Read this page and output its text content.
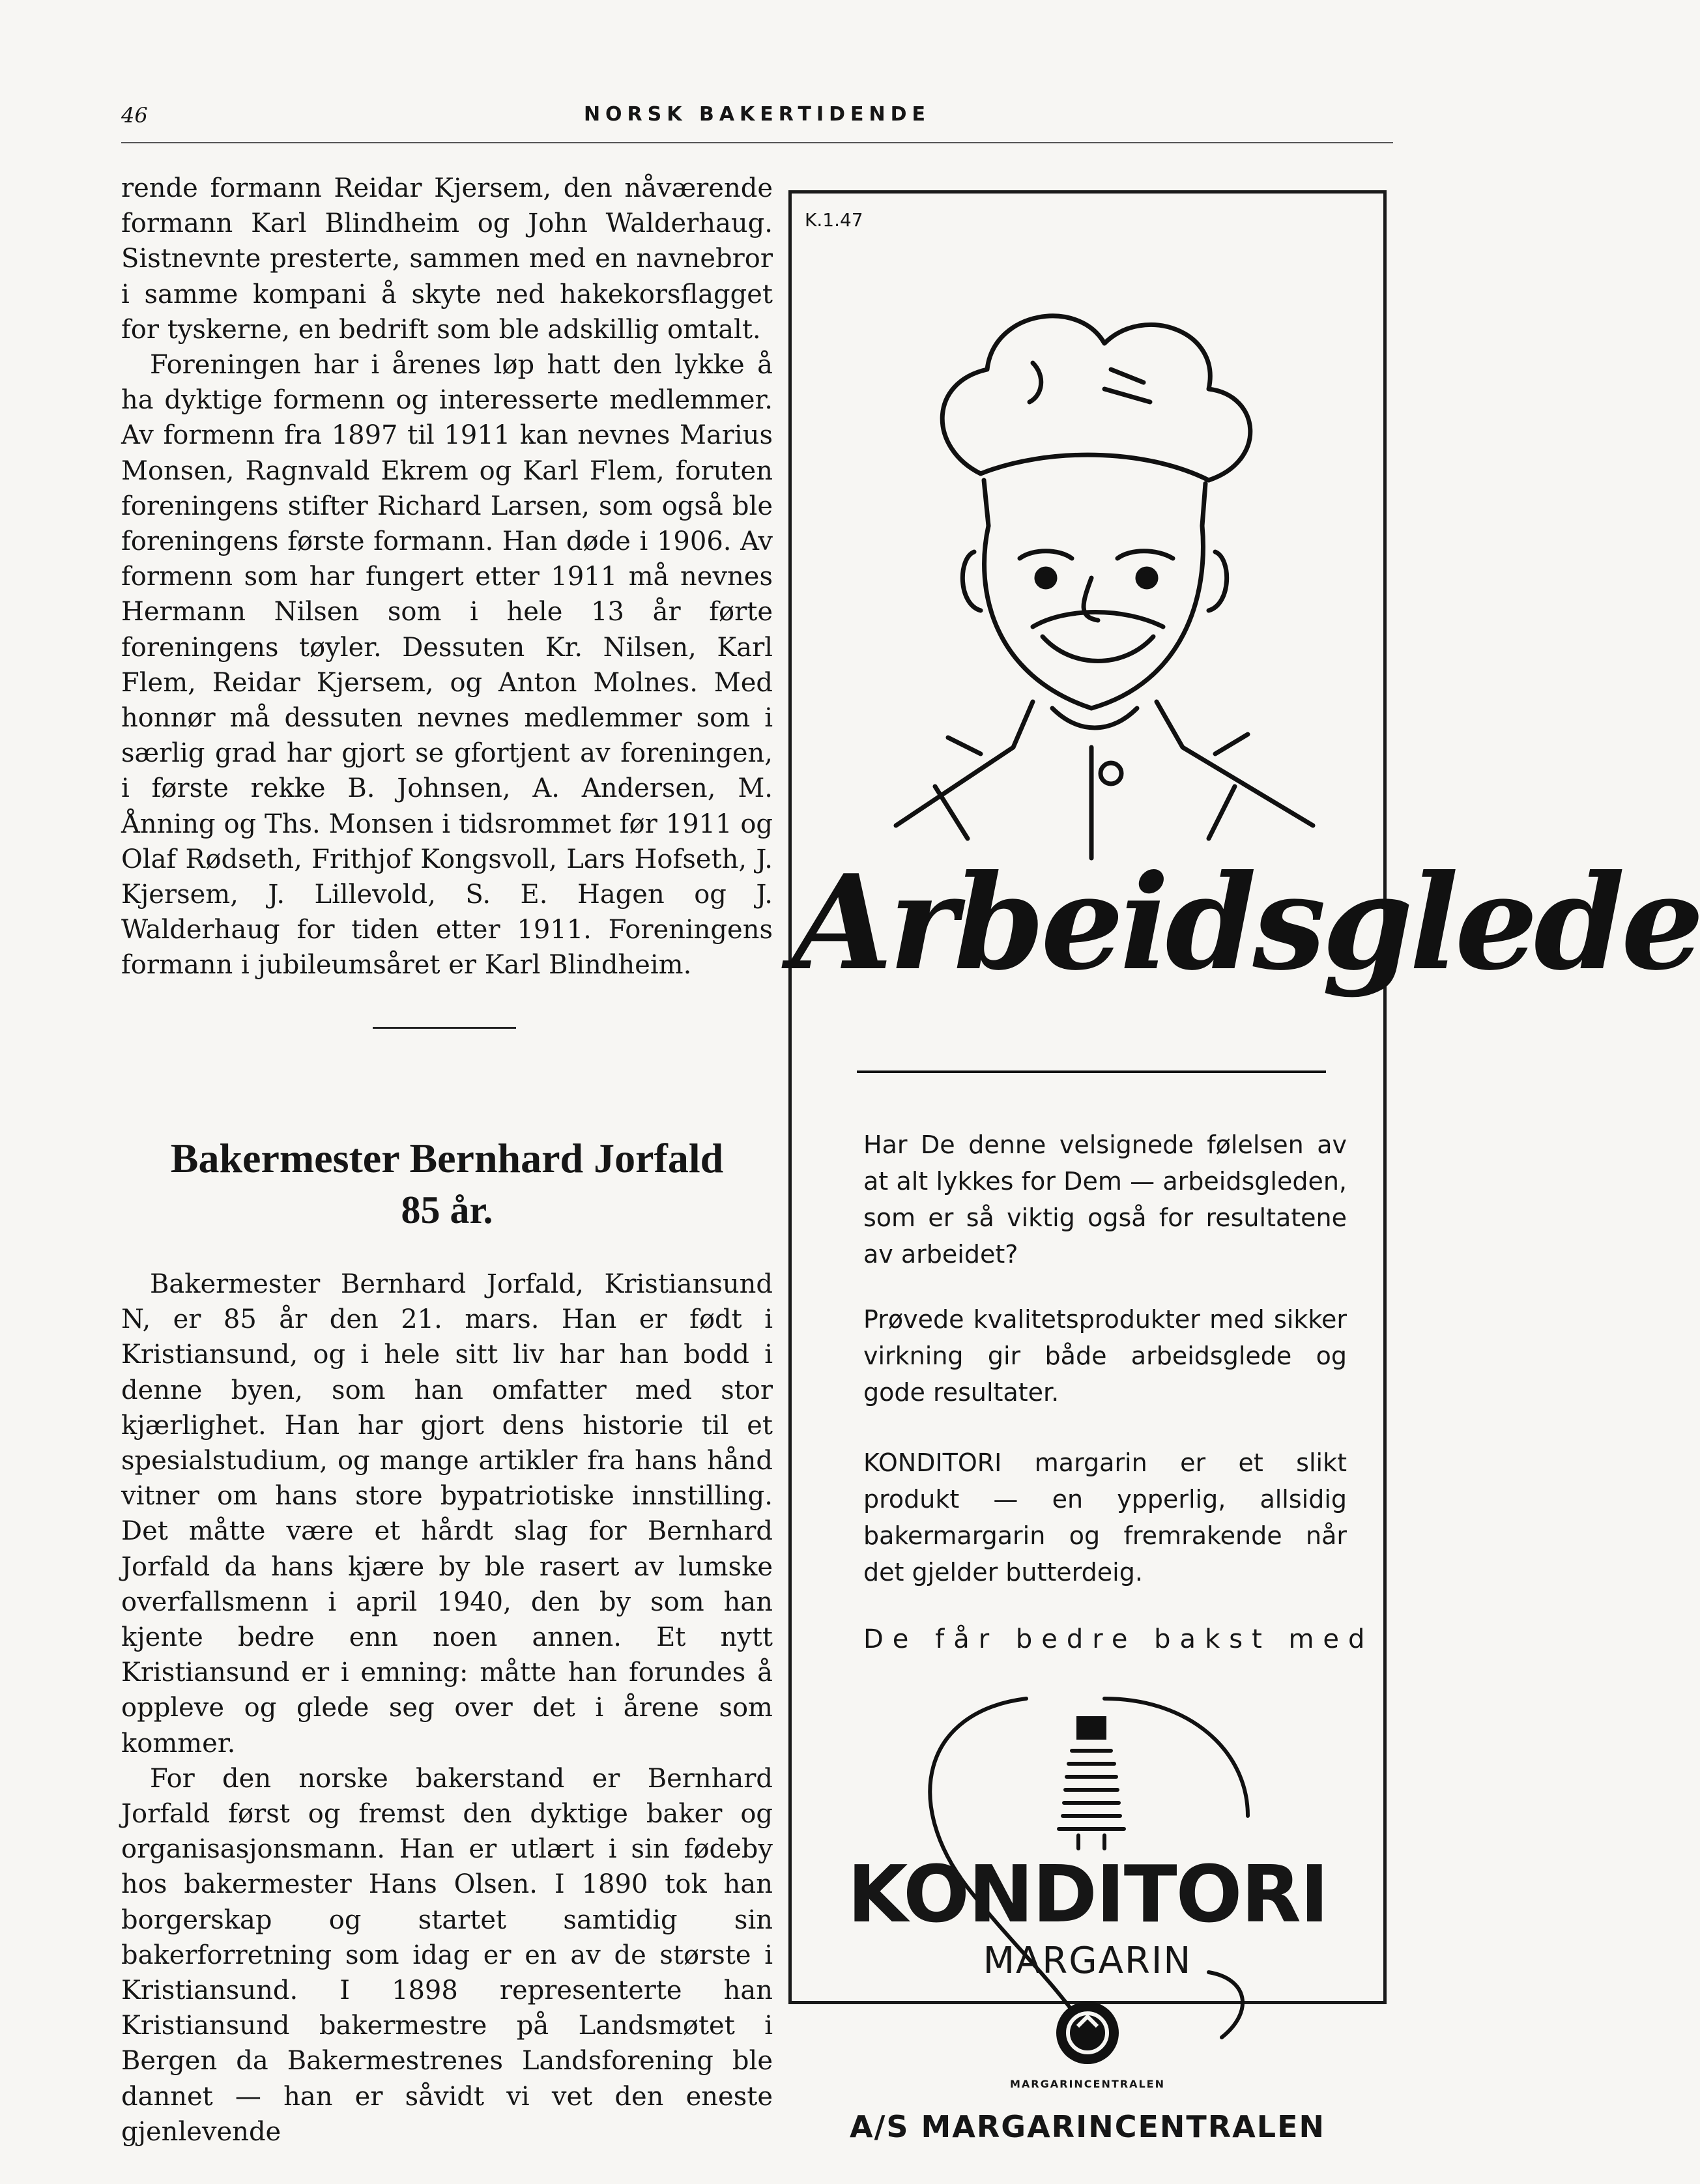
46	NORSK BAKERTIDENDE

rende formann Reidar Kjersem, den nåværende formann Karl Blindheim og John Walderhaug. Sistnevnte presterte, sammen med en navnebror i samme kompani å skyte ned hakekorsflagget for tyskerne, en bedrift som ble adskillig omtalt.

Foreningen har i årenes løp hatt den lykke å ha dyktige formenn og interesserte medlemmer. Av formenn fra 1897 til 1911 kan nevnes Marius Monsen, Ragnvald Ekrem og Karl Flem, foruten foreningens stifter Richard Larsen, som også ble foreningens første formann. Han døde i 1906. Av formenn som har fungert etter 1911 må nevnes Hermann Nilsen som i hele 13 år førte foreningens tøyler. Dessuten Kr. Nilsen, Karl Flem, Reidar Kjersem, og Anton Molnes. Med honnør må dessuten nevnes medlemmer som i særlig grad har gjort se gfortjent av foreningen, i første rekke B. Johnsen, A. Andersen, M. Ånning og Ths. Monsen i tidsrommet før 1911 og Olaf Rødseth, Frithjof Kongsvoll, Lars Hofseth, J. Kjersem, J. Lillevold, S. E. Hagen og J. Walderhaug for tiden etter 1911. Foreningens formann i jubileumsåret er Karl Blindheim.

Bakermester Bernhard Jorfald
85 år.

Bakermester Bernhard Jorfald, Kristiansund N, er 85 år den 21. mars. Han er født i Kristiansund, og i hele sitt liv har han bodd i denne byen, som han omfatter med stor kjærlighet. Han har gjort dens historie til et spesialstudium, og mange artikler fra hans hånd vitner om hans store bypatriotiske innstilling. Det måtte være et hårdt slag for Bernhard Jorfald da hans kjære by ble rasert av lumske overfallsmenn i april 1940, den by som han kjente bedre enn noen annen. Et nytt Kristiansund er i emning: måtte han forundes å oppleve og glede seg over det i årene som kommer.

For den norske bakerstand er Bernhard Jorfald først og fremst den dyktige baker og organisasjonsmann. Han er utlært i sin fødeby hos bakermester Hans Olsen. I 1890 tok han borgerskap og startet samtidig sin bakerforretning som idag er en av de største i Kristiansund. I 1898 representerte han Kristiansund bakermestre på Landsmøtet i Bergen da Bakermestrenes Landsforening ble dannet — han er såvidt vi vet den eneste gjenlevende

K.1.47
Arbeidsglede

Har De denne velsignede følelsen av at alt lykkes for Dem — arbeidsgleden, som er så viktig også for resultatene av arbeidet?

Prøvede kvalitetsprodukter med sikker virkning gir både arbeidsglede og gode resultater.

KONDITORI margarin er et slikt produkt — en ypperlig, allsidig bakermargarin og fremrakende når det gjelder butterdeig.

De får bedre bakst med
KONDITORI
MARGARIN
MARGARINCENTRALEN
A/S MARGARINCENTRALEN
